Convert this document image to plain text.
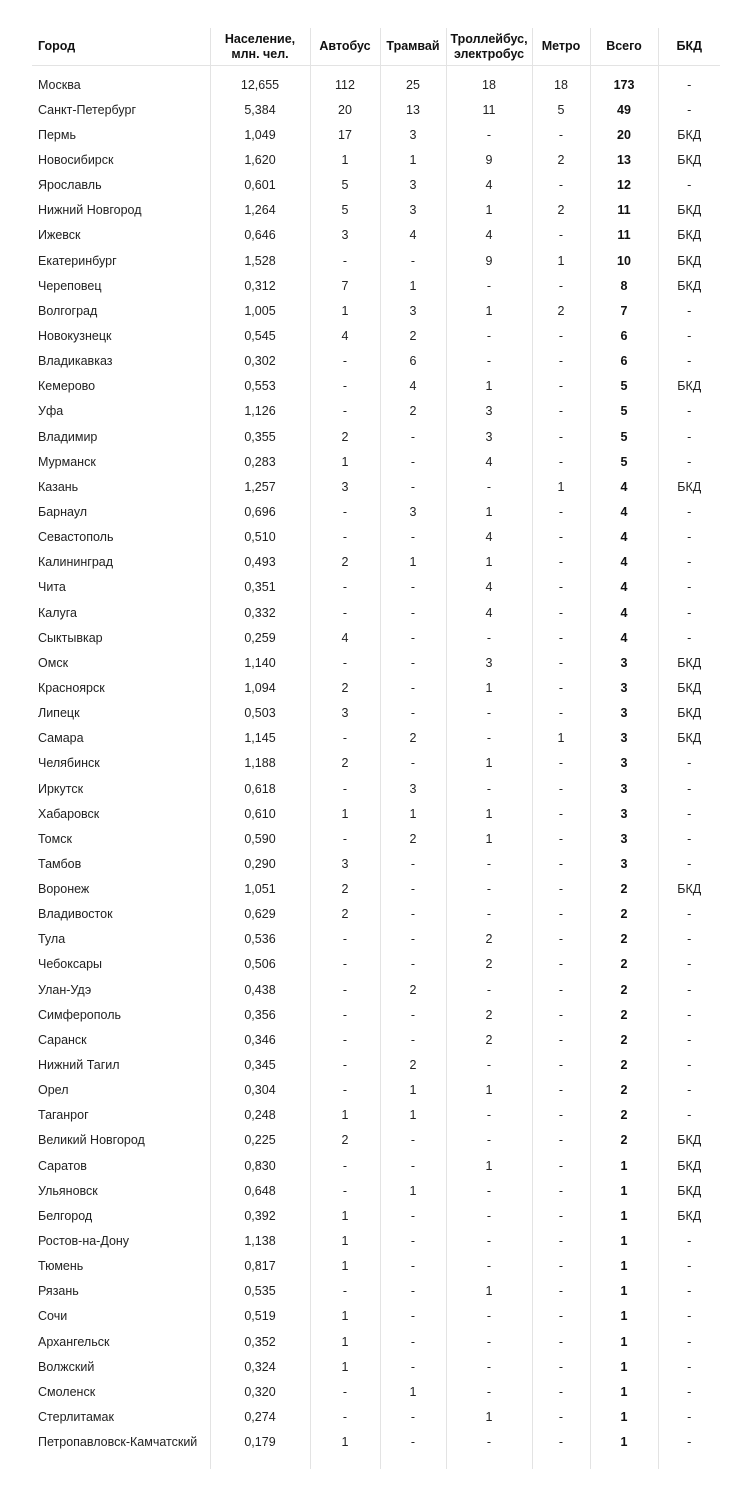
Город	Население, млн. чел.	Автобус	Трамвай	Троллейбус, электробус	Метро	Всего	БКД
Москва	12,655	112	25	18	18	173	-
Санкт-Петербург	5,384	20	13	11	5	49	-
Пермь	1,049	17	3	-	-	20	БКД
Новосибирск	1,620	1	1	9	2	13	БКД
Ярославль	0,601	5	3	4	-	12	-
Нижний Новгород	1,264	5	3	1	2	11	БКД
Ижевск	0,646	3	4	4	-	11	БКД
Екатеринбург	1,528	-	-	9	1	10	БКД
Череповец	0,312	7	1	-	-	8	БКД
Волгоград	1,005	1	3	1	2	7	-
Новокузнецк	0,545	4	2	-	-	6	-
Владикавказ	0,302	-	6	-	-	6	-
Кемерово	0,553	-	4	1	-	5	БКД
Уфа	1,126	-	2	3	-	5	-
Владимир	0,355	2	-	3	-	5	-
Мурманск	0,283	1	-	4	-	5	-
Казань	1,257	3	-	-	1	4	БКД
Барнаул	0,696	-	3	1	-	4	-
Севастополь	0,510	-	-	4	-	4	-
Калининград	0,493	2	1	1	-	4	-
Чита	0,351	-	-	4	-	4	-
Калуга	0,332	-	-	4	-	4	-
Сыктывкар	0,259	4	-	-	-	4	-
Омск	1,140	-	-	3	-	3	БКД
Красноярск	1,094	2	-	1	-	3	БКД
Липецк	0,503	3	-	-	-	3	БКД
Самара	1,145	-	2	-	1	3	БКД
Челябинск	1,188	2	-	1	-	3	-
Иркутск	0,618	-	3	-	-	3	-
Хабаровск	0,610	1	1	1	-	3	-
Томск	0,590	-	2	1	-	3	-
Тамбов	0,290	3	-	-	-	3	-
Воронеж	1,051	2	-	-	-	2	БКД
Владивосток	0,629	2	-	-	-	2	-
Тула	0,536	-	-	2	-	2	-
Чебоксары	0,506	-	-	2	-	2	-
Улан-Удэ	0,438	-	2	-	-	2	-
Симферополь	0,356	-	-	2	-	2	-
Саранск	0,346	-	-	2	-	2	-
Нижний Тагил	0,345	-	2	-	-	2	-
Орел	0,304	-	1	1	-	2	-
Таганрог	0,248	1	1	-	-	2	-
Великий Новгород	0,225	2	-	-	-	2	БКД
Саратов	0,830	-	-	1	-	1	БКД
Ульяновск	0,648	-	1	-	-	1	БКД
Белгород	0,392	1	-	-	-	1	БКД
Ростов-на-Дону	1,138	1	-	-	-	1	-
Тюмень	0,817	1	-	-	-	1	-
Рязань	0,535	-	-	1	-	1	-
Сочи	0,519	1	-	-	-	1	-
Архангельск	0,352	1	-	-	-	1	-
Волжский	0,324	1	-	-	-	1	-
Смоленск	0,320	-	1	-	-	1	-
Стерлитамак	0,274	-	-	1	-	1	-
Петропавловск-Камчатский	0,179	1	-	-	-	1	-
